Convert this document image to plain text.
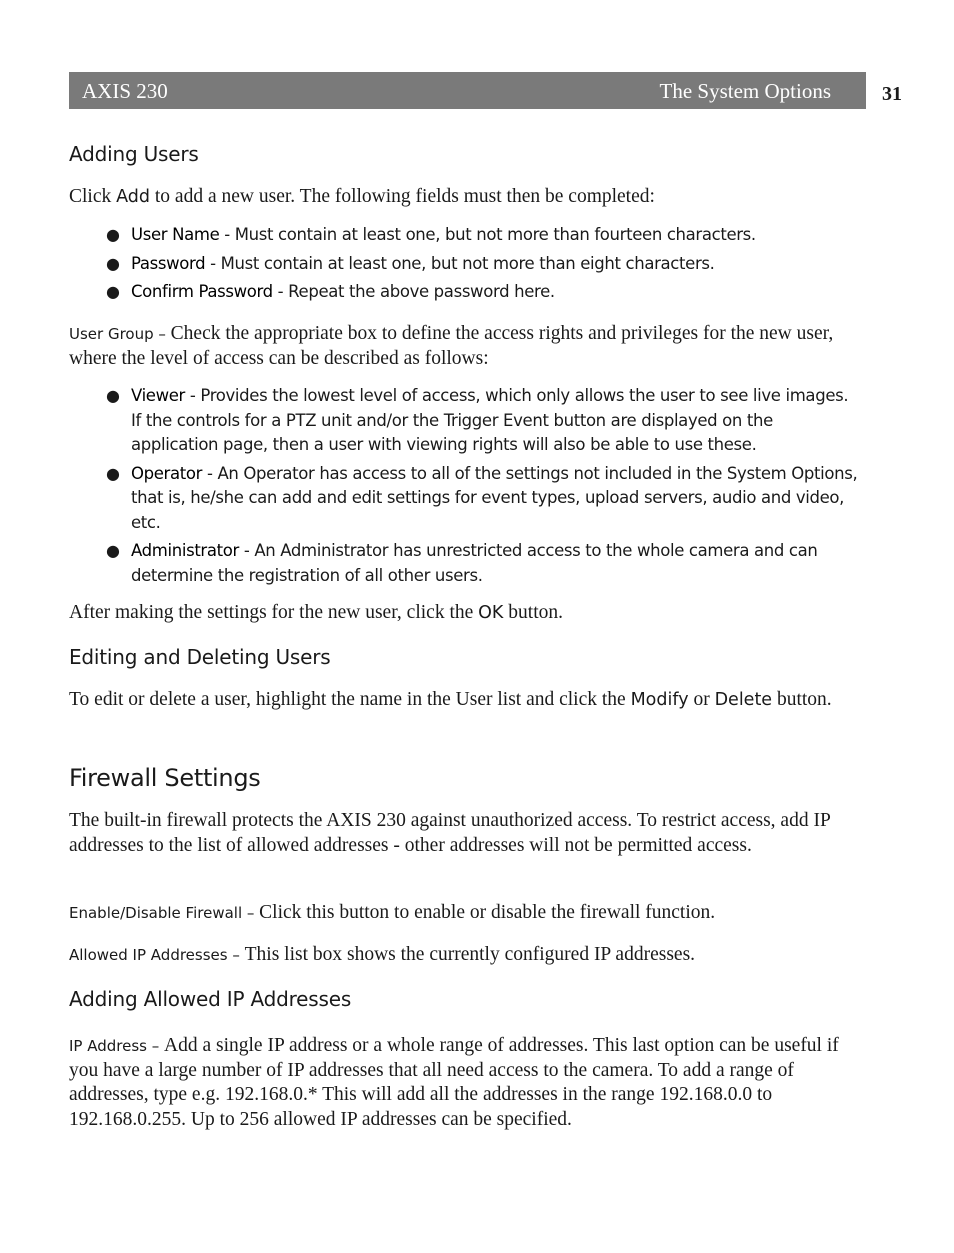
AXIS 230	The System Options	31
Adding Users

Click Add to add a new user. The following fields must then be completed:

● User Name - Must contain at least one, but not more than fourteen characters.
● Password - Must contain at least one, but not more than eight characters.
● Confirm Password - Repeat the above password here.

User Group – Check the appropriate box to define the access rights and privileges for the new user, where the level of access can be described as follows:

● Viewer - Provides the lowest level of access, which only allows the user to see live images. If the controls for a PTZ unit and/or the Trigger Event button are displayed on the application page, then a user with viewing rights will also be able to use these.
● Operator - An Operator has access to all of the settings not included in the System Options, that is, he/she can add and edit settings for event types, upload servers, audio and video, etc.
● Administrator - An Administrator has unrestricted access to the whole camera and can determine the registration of all other users.

After making the settings for the new user, click the OK button.

Editing and Deleting Users

To edit or delete a user, highlight the name in the User list and click the Modify or Delete button.

Firewall Settings

The built-in firewall protects the AXIS 230 against unauthorized access. To restrict access, add IP addresses to the list of allowed addresses - other addresses will not be permitted access.

Enable/Disable Firewall – Click this button to enable or disable the firewall function.

Allowed IP Addresses – This list box shows the currently configured IP addresses.

Adding Allowed IP Addresses

IP Address – Add a single IP address or a whole range of addresses. This last option can be useful if you have a large number of IP addresses that all need access to the camera. To add a range of addresses, type e.g. 192.168.0.* This will add all the addresses in the range 192.168.0.0 to 192.168.0.255. Up to 256 allowed IP addresses can be specified.
